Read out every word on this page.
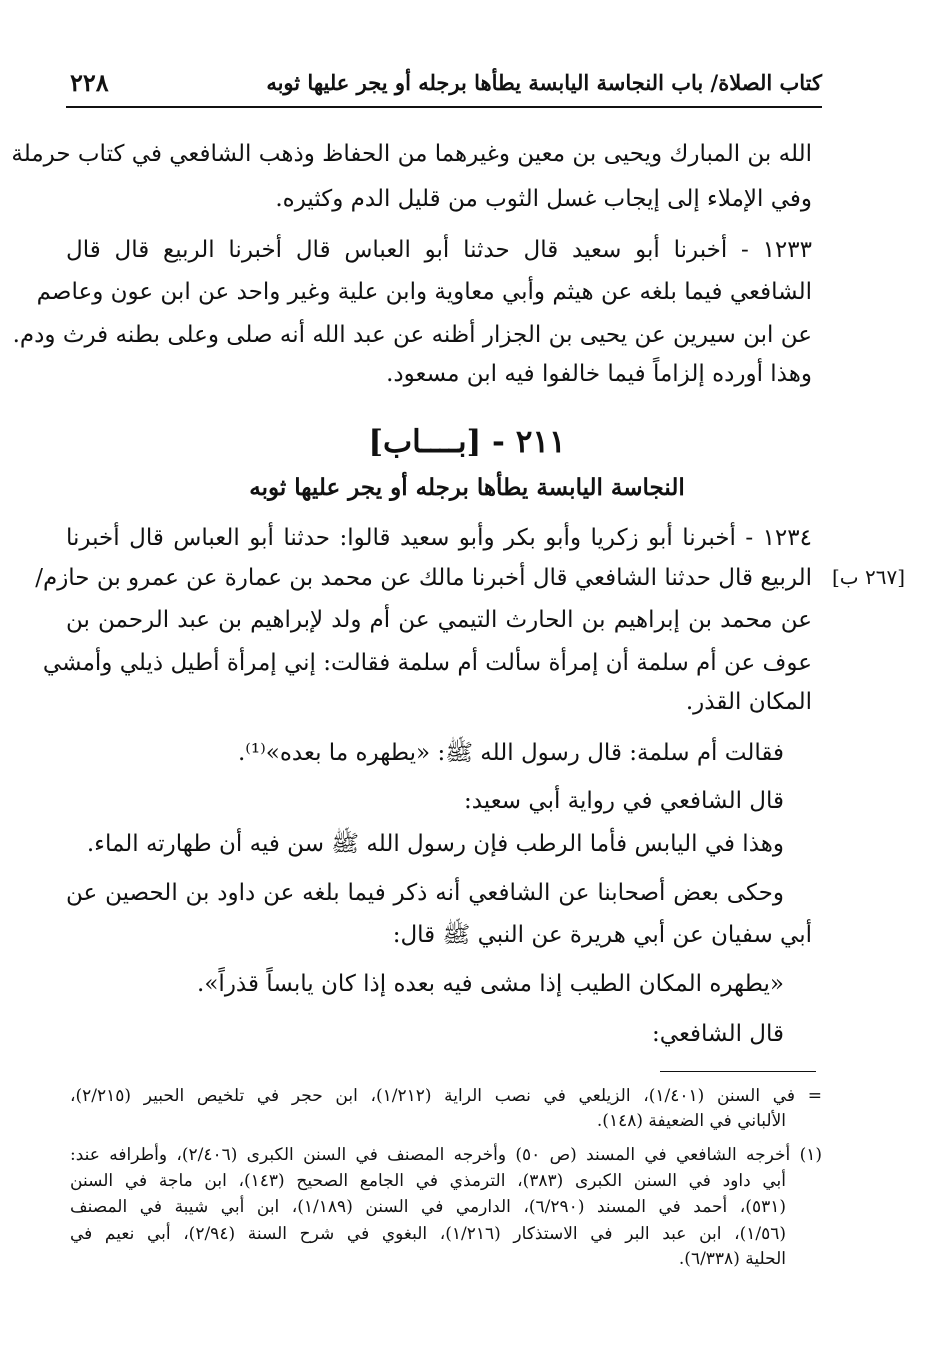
٢٢٨	كتاب الصلاة/ باب النجاسة اليابسة يطأها برجله أو يجر عليها ثوبه
الله بن المبارك ويحيى بن معين وغيرهما من الحفاظ وذهب الشافعي في كتاب حرملة
وفي الإملاء إلى إيجاب غسل الثوب من قليل الدم وكثيره.
١٢٣٣ - أخبرنا أبو سعيد قال حدثنا أبو العباس قال أخبرنا الربيع قال قال
الشافعي فيما بلغه عن هيثم وأبي معاوية وابن علية وغير واحد عن ابن عون وعاصم
عن ابن سيرين عن يحيى بن الجزار أظنه عن عبد الله أنه صلى وعلى بطنه فرث ودم.
وهذا أورده إلزاماً فيما خالفوا فيه ابن مسعود.
٢١١ - [بــــاب]
النجاسة اليابسة يطأها برجله أو يجر عليها ثوبه
[٢٦٧ ب]
١٢٣٤ - أخبرنا أبو زكريا وأبو بكر وأبو سعيد قالوا: حدثنا أبو العباس قال أخبرنا
الربيع قال حدثنا الشافعي قال أخبرنا مالك عن محمد بن عمارة عن عمرو بن حازم/
عن محمد بن إبراهيم بن الحارث التيمي عن أم ولد لإبراهيم بن عبد الرحمن بن
عوف عن أم سلمة أن إمرأة سألت أم سلمة فقالت: إني إمرأة أطيل ذيلي وأمشي
المكان القذر.
فقالت أم سلمة: قال رسول الله ﷺ: «يطهره ما بعده»⁽¹⁾.
قال الشافعي في رواية أبي سعيد:
وهذا في اليابس فأما الرطب فإن رسول الله ﷺ سن فيه أن طهارته الماء.
وحكى بعض أصحابنا عن الشافعي أنه ذكر فيما بلغه عن داود بن الحصين عن
أبي سفيان عن أبي هريرة عن النبي ﷺ قال:
«يطهره المكان الطيب إذا مشى فيه بعده إذا كان يابساً قذراً».
قال الشافعي:
= في السنن (١/٤٠١)، الزيلعي في نصب الراية (١/٢١٢)، ابن حجر في تلخيص الحبير (٢/٢١٥)،
الألباني في الضعيفة (١٤٨).
(١) أخرجه الشافعي في المسند (ص ٥٠) وأخرجه المصنف في السنن الكبرى (٢/٤٠٦)، وأطرافه عند:
أبي داود في السنن الكبرى (٣٨٣)، الترمذي في الجامع الصحيح (١٤٣)، ابن ماجة في السنن
(٥٣١)، أحمد في المسند (٦/٢٩٠)، الدارمي في السنن (١/١٨٩)، ابن أبي شيبة في المصنف
(١/٥٦)، ابن عبد البر في الاستذكار (١/٢١٦)، البغوي في شرح السنة (٢/٩٤)، أبي نعيم في
الحلية (٦/٣٣٨).
